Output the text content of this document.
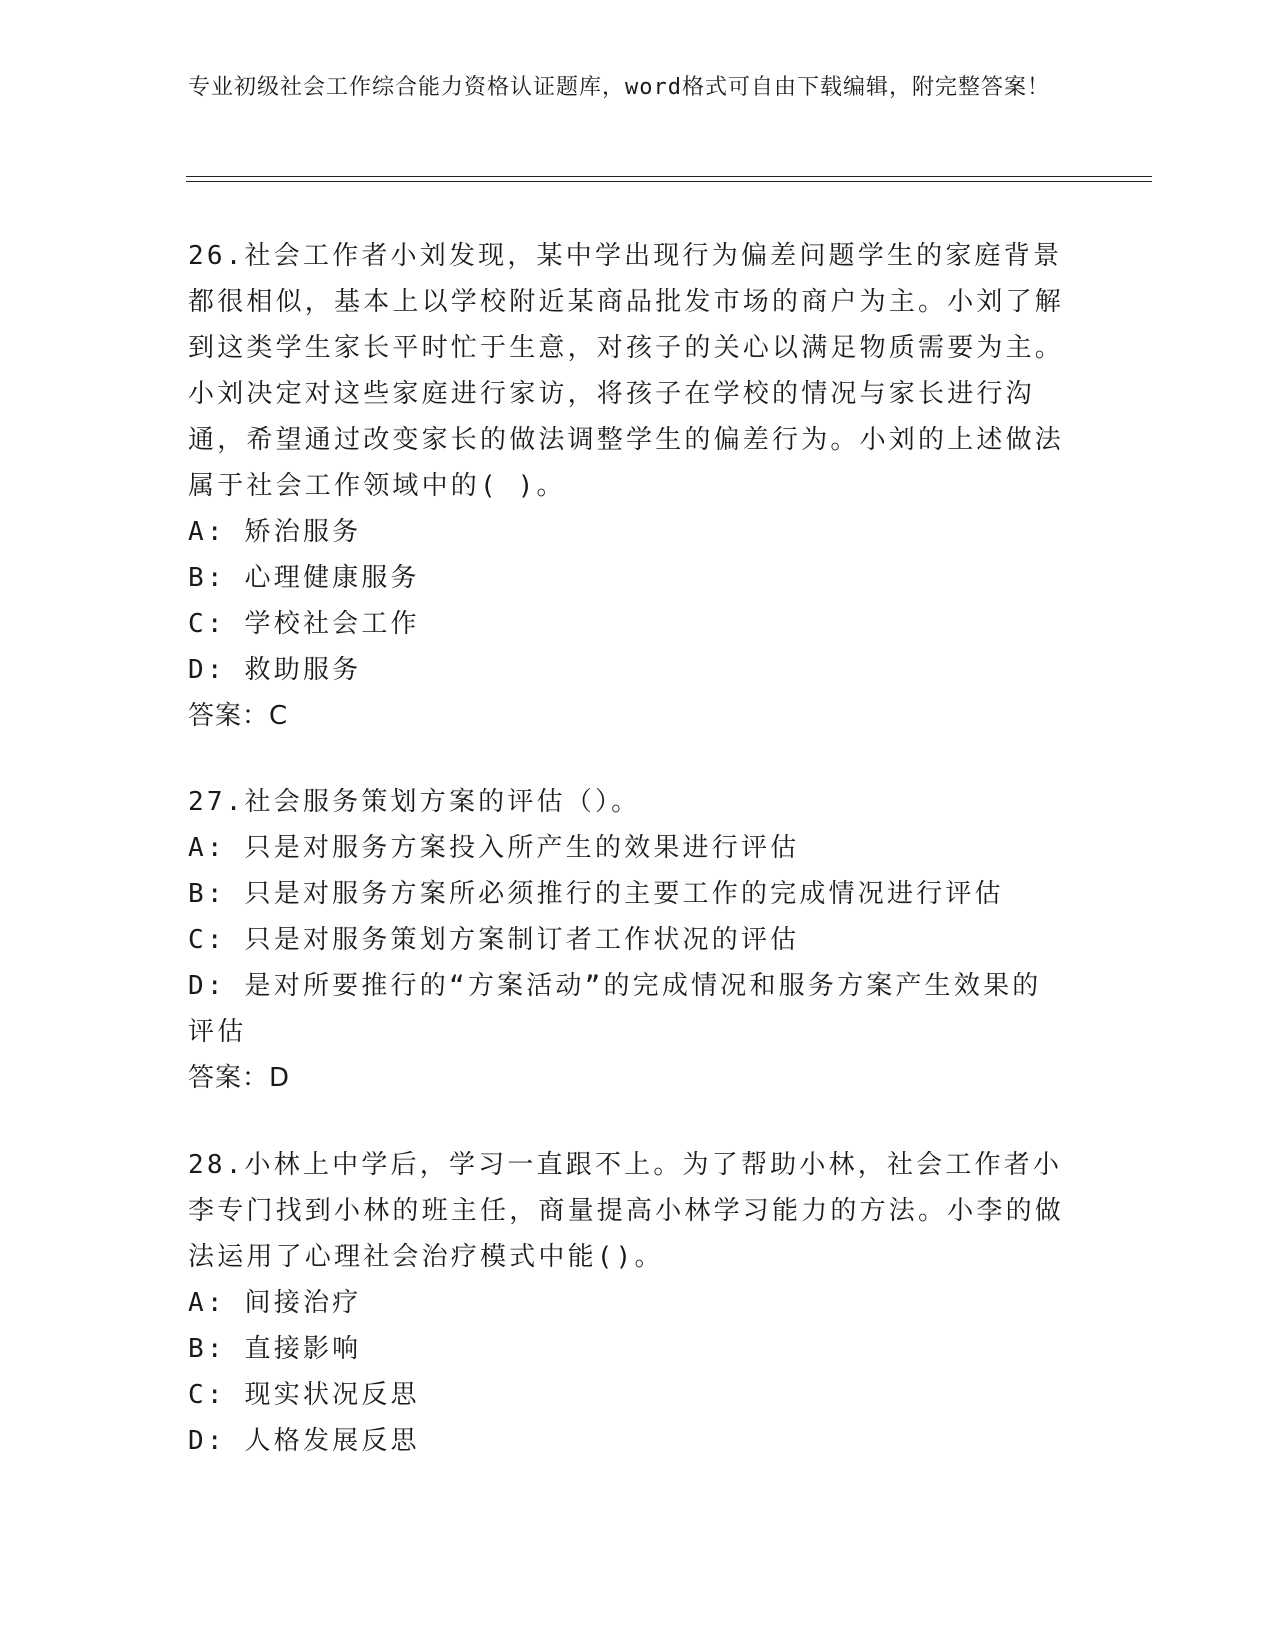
专业初级社会工作综合能力资格认证题库，word格式可自由下载编辑，附完整答案！

26.社会工作者小刘发现，某中学出现行为偏差问题学生的家庭背景都很相似，基本上以学校附近某商品批发市场的商户为主。小刘了解到这类学生家长平时忙于生意，对孩子的关心以满足物质需要为主。小刘决定对这些家庭进行家访，将孩子在学校的情况与家长进行沟通，希望通过改变家长的做法调整学生的偏差行为。小刘的上述做法属于社会工作领域中的( )。

A: 矫治服务

B: 心理健康服务

C: 学校社会工作

D: 救助服务

答案：C

27.社会服务策划方案的评估（）。

A: 只是对服务方案投入所产生的效果进行评估

B: 只是对服务方案所必须推行的主要工作的完成情况进行评估

C: 只是对服务策划方案制订者工作状况的评估

D: 是对所要推行的“方案活动”的完成情况和服务方案产生效果的评估

答案：D

28.小林上中学后，学习一直跟不上。为了帮助小林，社会工作者小李专门找到小林的班主任，商量提高小林学习能力的方法。小李的做法运用了心理社会治疗模式中能()。

A: 间接治疗

B: 直接影响

C: 现实状况反思

D: 人格发展反思
